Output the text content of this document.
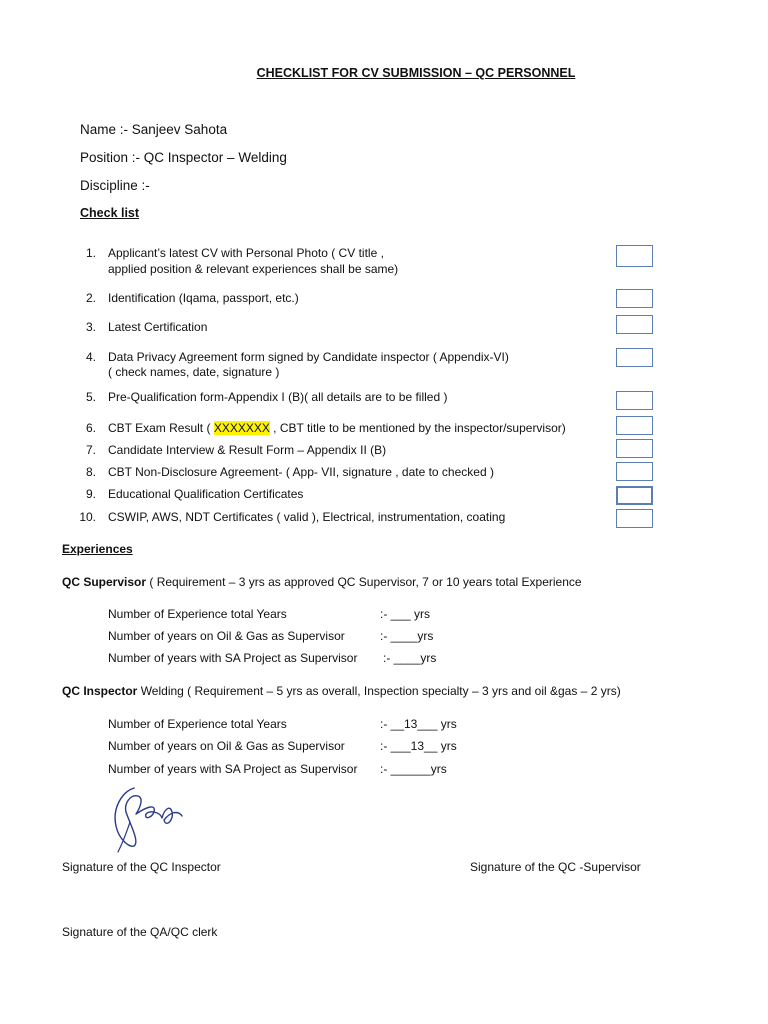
CHECKLIST FOR CV SUBMISSION – QC PERSONNEL
Name :- Sanjeev Sahota
Position :- QC Inspector – Welding
Discipline :-
Check list
1. Applicant’s latest CV with Personal Photo ( CV title ,
applied position & relevant experiences shall be same)
2. Identification (Iqama, passport, etc.)
3. Latest Certification
4. Data Privacy Agreement form signed by Candidate inspector ( Appendix-VI)
( check names, date, signature )
5. Pre-Qualification form-Appendix I (B)( all details are to be filled )
6. CBT Exam Result ( XXXXXXX , CBT title to be mentioned by the inspector/supervisor)
7. Candidate Interview & Result Form – Appendix II (B)
8. CBT Non-Disclosure Agreement- ( App- VII, signature , date to checked )
9. Educational Qualification Certificates
10. CSWIP, AWS, NDT Certificates ( valid ), Electrical, instrumentation, coating
Experiences
QC Supervisor ( Requirement – 3 yrs as approved QC Supervisor, 7 or 10 years total Experience
Number of Experience total Years	:- ___ yrs
Number of years on Oil & Gas as Supervisor	:- ____yrs
Number of years with SA Project as Supervisor :- ____yrs
QC Inspector Welding ( Requirement – 5 yrs as overall, Inspection specialty – 3 yrs and oil &gas – 2 yrs)
Number of Experience total Years	:- __13___ yrs
Number of years on Oil & Gas as Supervisor	:- ___13__ yrs
Number of years with SA Project as Supervisor :- ______yrs
Signature of the QC Inspector	Signature of the QC -Supervisor
Signature of the QA/QC clerk
